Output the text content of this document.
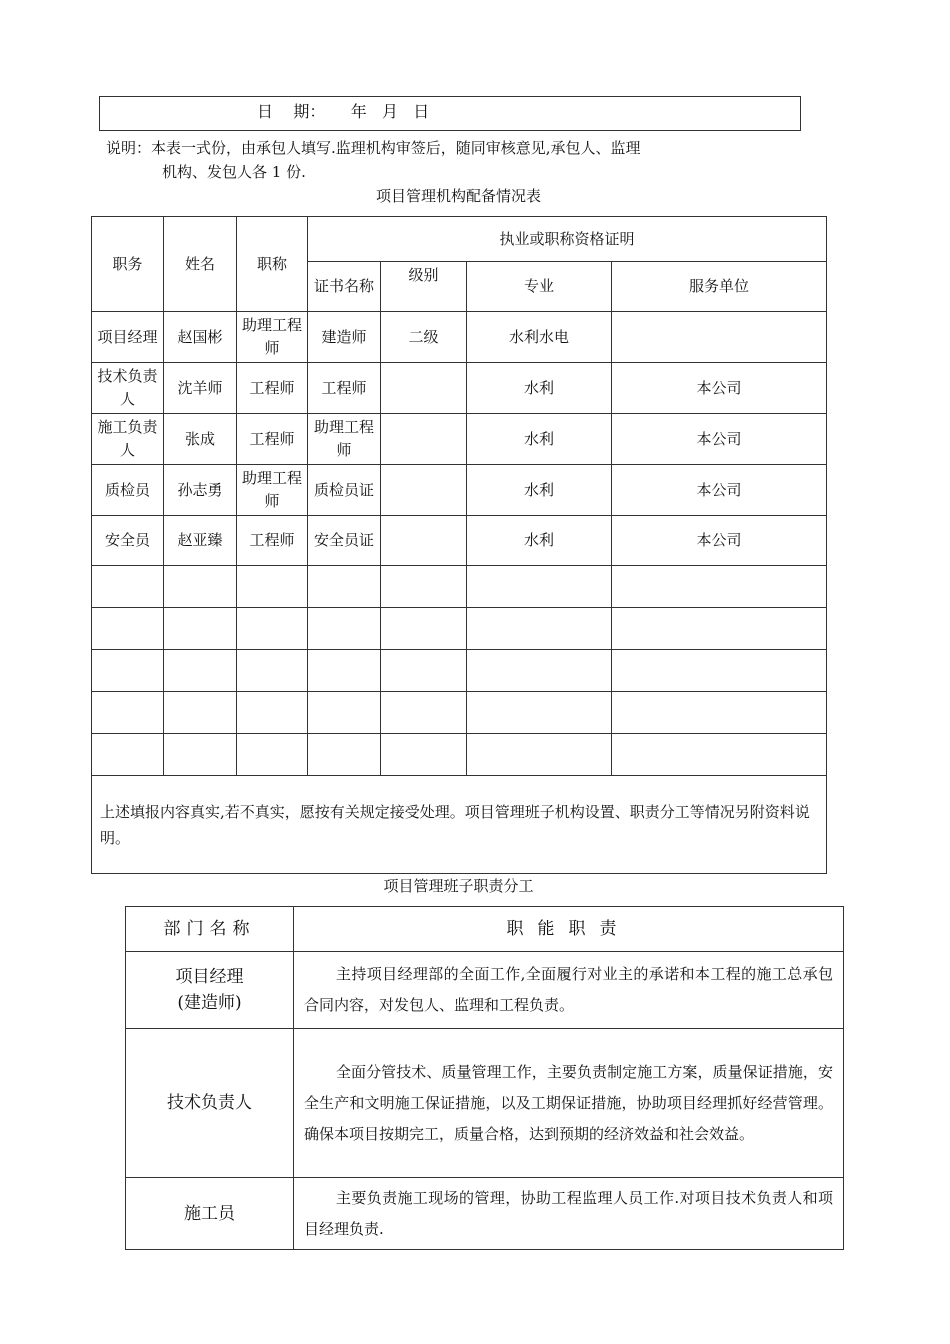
日    期：     年   月   日
说明：本表一式份，由承包人填写.监理机构审签后，随同审核意见,承包人、监理
机构、发包人各 1 份.
项目管理机构配备情况表
职务	姓名	职称	执业或职称资格证明			
			证书名称	级别	专业	服务单位
项目经理	赵国彬	助理工程师	建造师	二级	水利水电	
技术负责人	沈羊师	工程师	工程师		水利	本公司
施工负责人	张成	工程师	助理工程师		水利	本公司
质检员	孙志勇	助理工程师	质检员证		水利	本公司
安全员	赵亚臻	工程师	安全员证		水利	本公司

上述填报内容真实,若不真实，愿按有关规定接受处理。项目管理班子机构设置、职责分工等情况另附资料说明。						
项目管理班子职责分工
部门名称	职能职责

项目经理
(建造师)	主持项目经理部的全面工作,全面履行对业主的承诺和本工程的施工总承包合同内容，对发包人、监理和工程负责。

技术负责人	全面分管技术、质量管理工作，主要负责制定施工方案，质量保证措施，安全生产和文明施工保证措施，以及工期保证措施，协助项目经理抓好经营管理。确保本项目按期完工，质量合格，达到预期的经济效益和社会效益。

施工员	主要负责施工现场的管理，协助工程监理人员工作.对项目技术负责人和项目经理负责.
